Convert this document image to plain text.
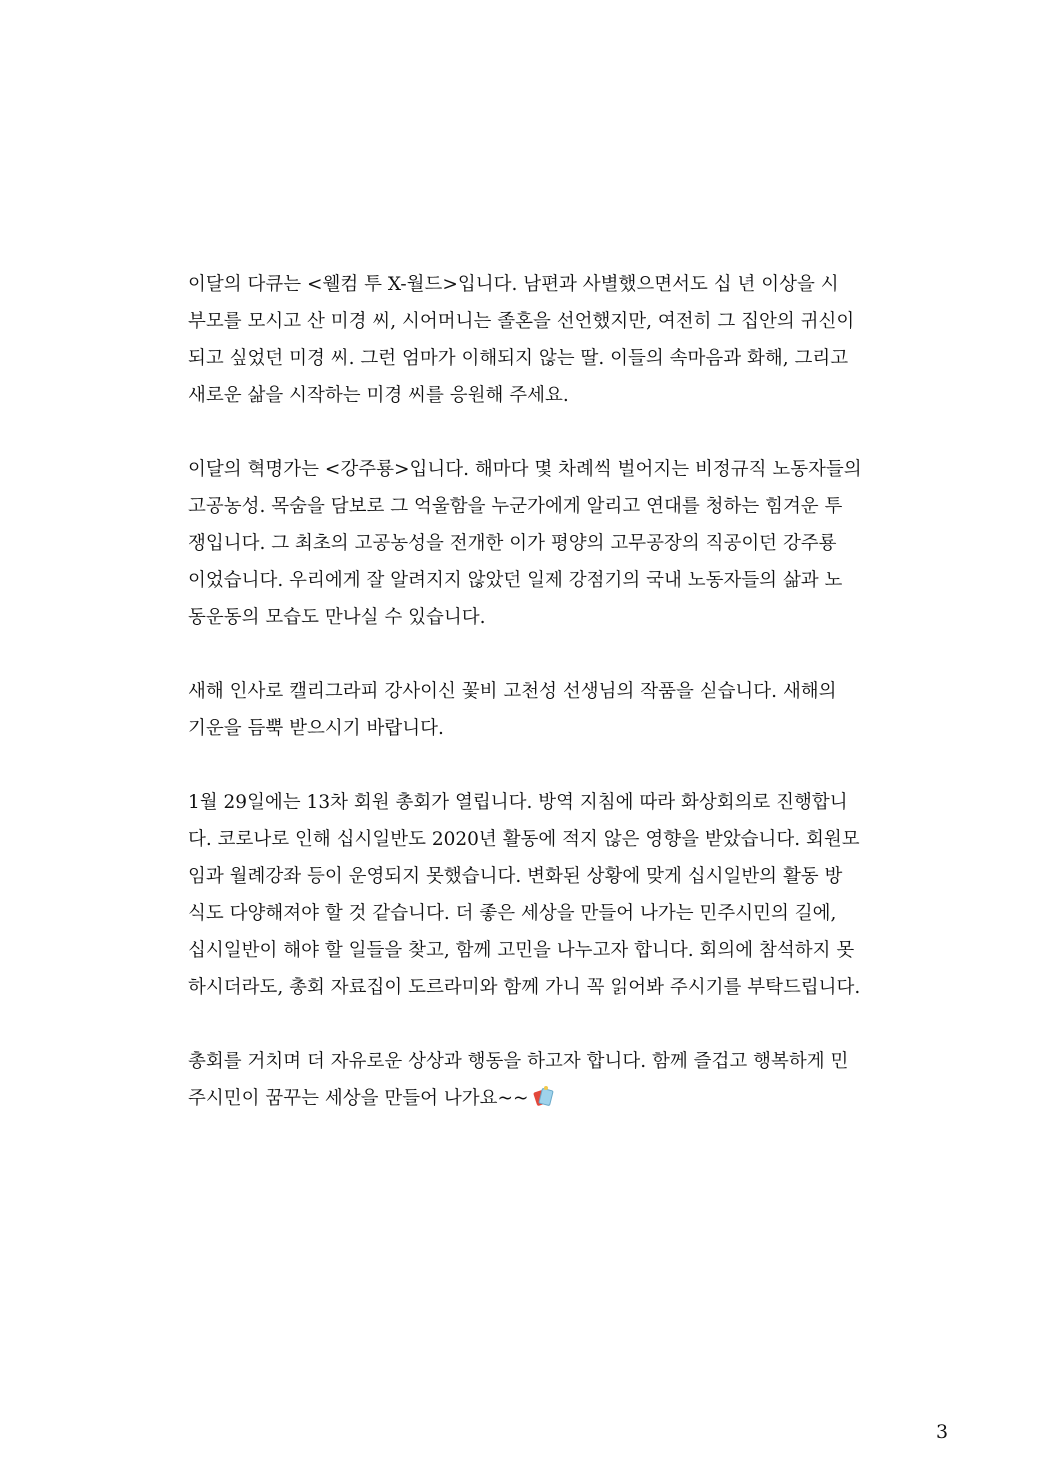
이달의 다큐는 <웰컴 투 X-월드>입니다. 남편과 사별했으면서도 십 년 이상을 시
부모를 모시고 산 미경 씨, 시어머니는 졸혼을 선언했지만, 여전히 그 집안의 귀신이
되고 싶었던 미경 씨. 그런 엄마가 이해되지 않는 딸. 이들의 속마음과 화해, 그리고
새로운 삶을 시작하는 미경 씨를 응원해 주세요.

이달의 혁명가는 <강주룡>입니다. 해마다 몇 차례씩 벌어지는 비정규직 노동자들의
고공농성. 목숨을 담보로 그 억울함을 누군가에게 알리고 연대를 청하는 힘겨운 투
쟁입니다. 그 최초의 고공농성을 전개한 이가 평양의 고무공장의 직공이던 강주룡
이었습니다. 우리에게 잘 알려지지 않았던 일제 강점기의 국내 노동자들의 삶과 노
동운동의 모습도 만나실 수 있습니다.

새해 인사로 캘리그라피 강사이신 꽃비 고천성 선생님의 작품을 싣습니다. 새해의
기운을 듬뿍 받으시기 바랍니다.

1월 29일에는 13차 회원 총회가 열립니다. 방역 지침에 따라 화상회의로 진행합니
다. 코로나로 인해 십시일반도 2020년 활동에 적지 않은 영향을 받았습니다. 회원모
임과 월례강좌 등이 운영되지 못했습니다. 변화된 상황에 맞게 십시일반의 활동 방
식도 다양해져야 할 것 같습니다. 더 좋은 세상을 만들어 나가는 민주시민의 길에,
십시일반이 해야 할 일들을 찾고, 함께 고민을 나누고자 합니다. 회의에 참석하지 못
하시더라도, 총회 자료집이 도르라미와 함께 가니 꼭 읽어봐 주시기를 부탁드립니다.

총회를 거치며 더 자유로운 상상과 행동을 하고자 합니다. 함께 즐겁고 행복하게 민
주시민이 꿈꾸는 세상을 만들어 나가요~~

3
